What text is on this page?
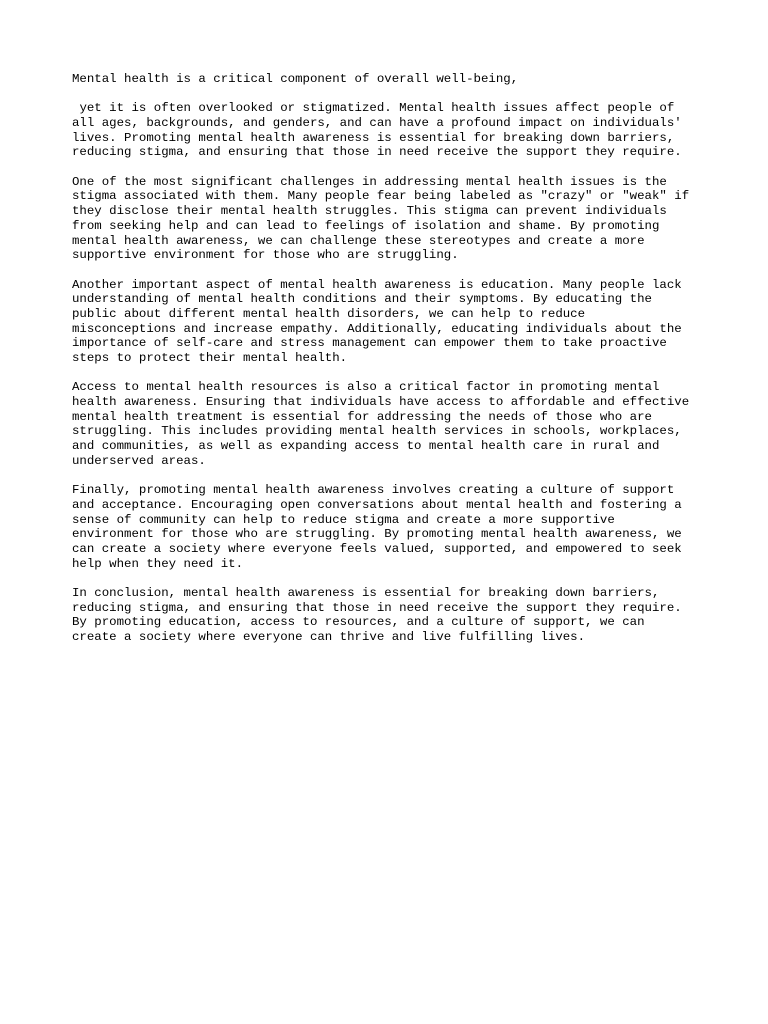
Mental health is a critical component of overall well-being,

yet it is often overlooked or stigmatized. Mental health issues affect people of
all ages, backgrounds, and genders, and can have a profound impact on individuals'
lives. Promoting mental health awareness is essential for breaking down barriers,
reducing stigma, and ensuring that those in need receive the support they require.

One of the most significant challenges in addressing mental health issues is the
stigma associated with them. Many people fear being labeled as "crazy" or "weak" if
they disclose their mental health struggles. This stigma can prevent individuals
from seeking help and can lead to feelings of isolation and shame. By promoting
mental health awareness, we can challenge these stereotypes and create a more
supportive environment for those who are struggling.

Another important aspect of mental health awareness is education. Many people lack
understanding of mental health conditions and their symptoms. By educating the
public about different mental health disorders, we can help to reduce
misconceptions and increase empathy. Additionally, educating individuals about the
importance of self-care and stress management can empower them to take proactive
steps to protect their mental health.

Access to mental health resources is also a critical factor in promoting mental
health awareness. Ensuring that individuals have access to affordable and effective
mental health treatment is essential for addressing the needs of those who are
struggling. This includes providing mental health services in schools, workplaces,
and communities, as well as expanding access to mental health care in rural and
underserved areas.

Finally, promoting mental health awareness involves creating a culture of support
and acceptance. Encouraging open conversations about mental health and fostering a
sense of community can help to reduce stigma and create a more supportive
environment for those who are struggling. By promoting mental health awareness, we
can create a society where everyone feels valued, supported, and empowered to seek
help when they need it.

In conclusion, mental health awareness is essential for breaking down barriers,
reducing stigma, and ensuring that those in need receive the support they require.
By promoting education, access to resources, and a culture of support, we can
create a society where everyone can thrive and live fulfilling lives.
